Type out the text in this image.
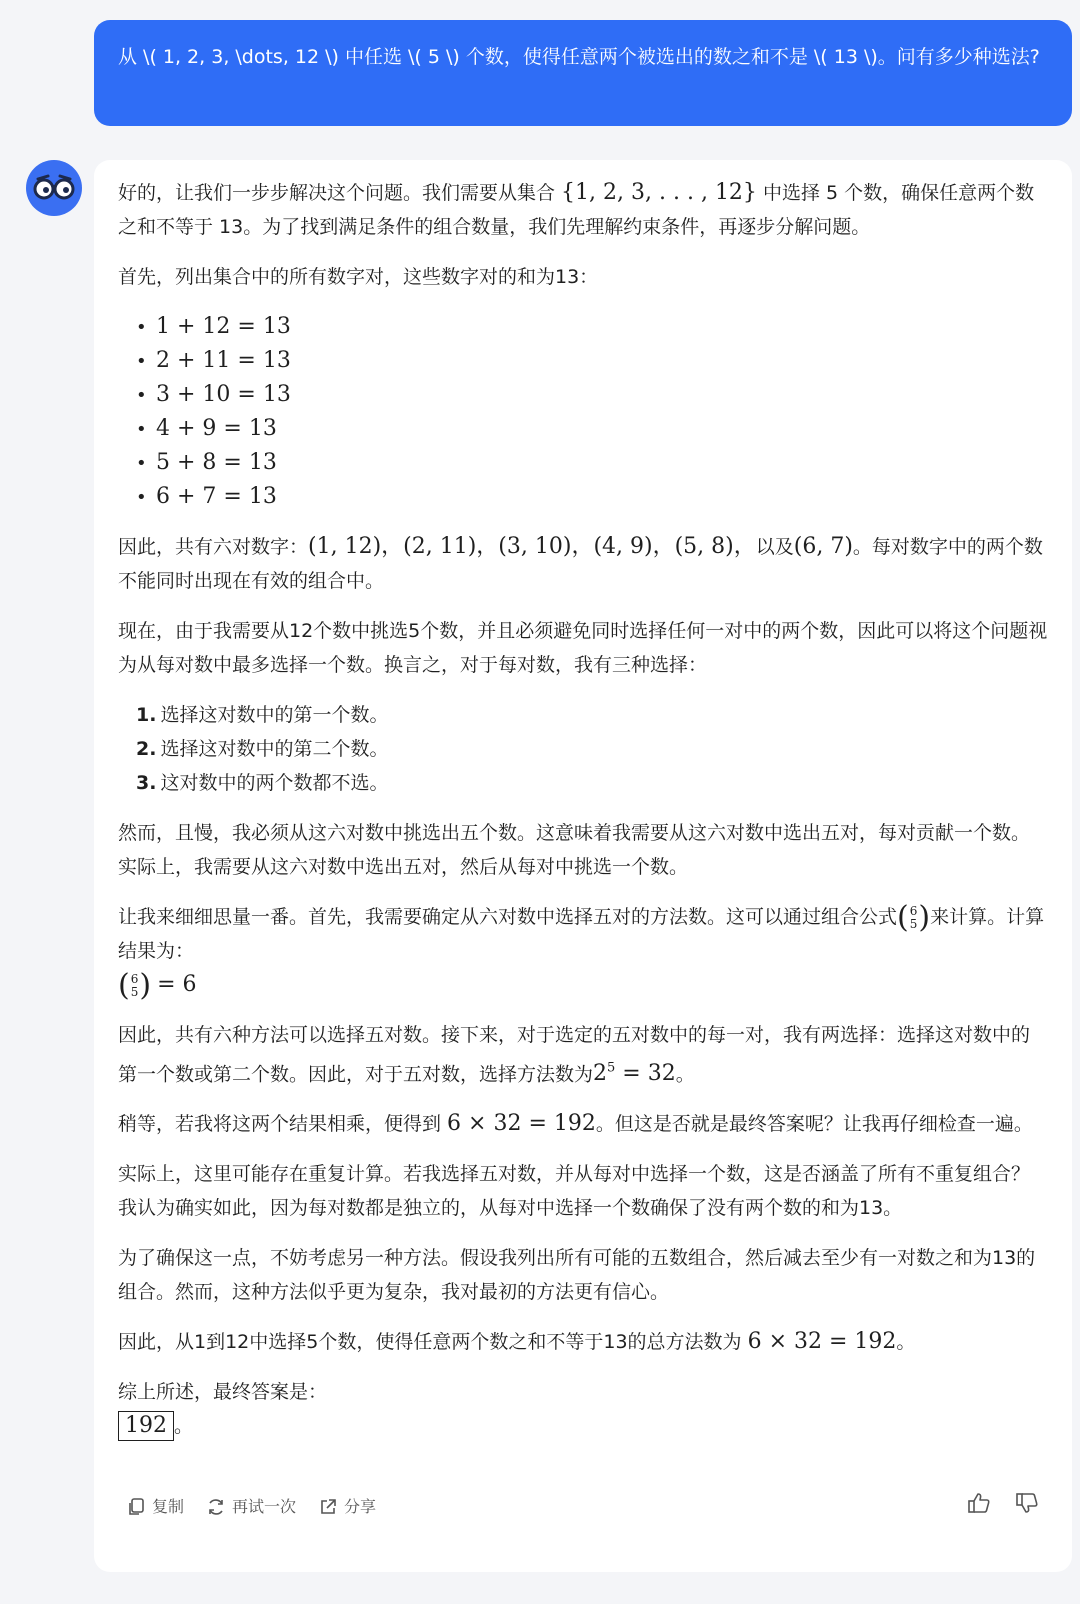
从 \( 1, 2, 3, \dots, 12 \) 中任选 \( 5 \) 个数，使得任意两个被选出的数之和不是 \( 13 \)。问有多少种选法?

好的，让我们一步步解决这个问题。我们需要从集合 {1, 2, 3, . . . , 12} 中选择 5 个数，确保任意两个数之和不等于 13。为了找到满足条件的组合数量，我们先理解约束条件，再逐步分解问题。

首先，列出集合中的所有数字对，这些数字对的和为13：

• 1 + 12 = 13
• 2 + 11 = 13
• 3 + 10 = 13
• 4 + 9 = 13
• 5 + 8 = 13
• 6 + 7 = 13

因此，共有六对数字：(1, 12)，(2, 11)，(3, 10)，(4, 9)，(5, 8)，以及(6, 7)。每对数字中的两个数不能同时出现在有效的组合中。

现在，由于我需要从12个数中挑选5个数，并且必须避免同时选择任何一对中的两个数，因此可以将这个问题视为从每对数中最多选择一个数。换言之，对于每对数，我有三种选择：

1. 选择这对数中的第一个数。
2. 选择这对数中的第二个数。
3. 这对数中的两个数都不选。

然而，且慢，我必须从这六对数中挑选出五个数。这意味着我需要从这六对数中选出五对，每对贡献一个数。实际上，我需要从这六对数中选出五对，然后从每对中挑选一个数。

让我来细细思量一番。首先，我需要确定从六对数中选择五对的方法数。这可以通过组合公式 ( 6
5 ) 来计算。计算结果为：

( 6
5 ) = 6

因此，共有六种方法可以选择五对数。接下来，对于选定的五对数中的每一对，我有两选择：选择这对数中的第一个数或第二个数。因此，对于五对数，选择方法数为$2^5 = 32$。

稍等，若我将这两个结果相乘，便得到 6 × 32 = 192。但这是否就是最终答案呢？让我再仔细检查一遍。

实际上，这里可能存在重复计算。若我选择五对数，并从每对中选择一个数，这是否涵盖了所有不重复组合？我认为确实如此，因为每对数都是独立的，从每对中选择一个数确保了没有两个数的和为13。

为了确保这一点，不妨考虑另一种方法。假设我列出所有可能的五数组合，然后减去至少有一对数之和为13的组合。然而，这种方法似乎更为复杂，我对最初的方法更有信心。

因此，从1到12中选择5个数，使得任意两个数之和不等于13的总方法数为 6 × 32 = 192。

综上所述，最终答案是：
192 。

复制	再试一次	分享
